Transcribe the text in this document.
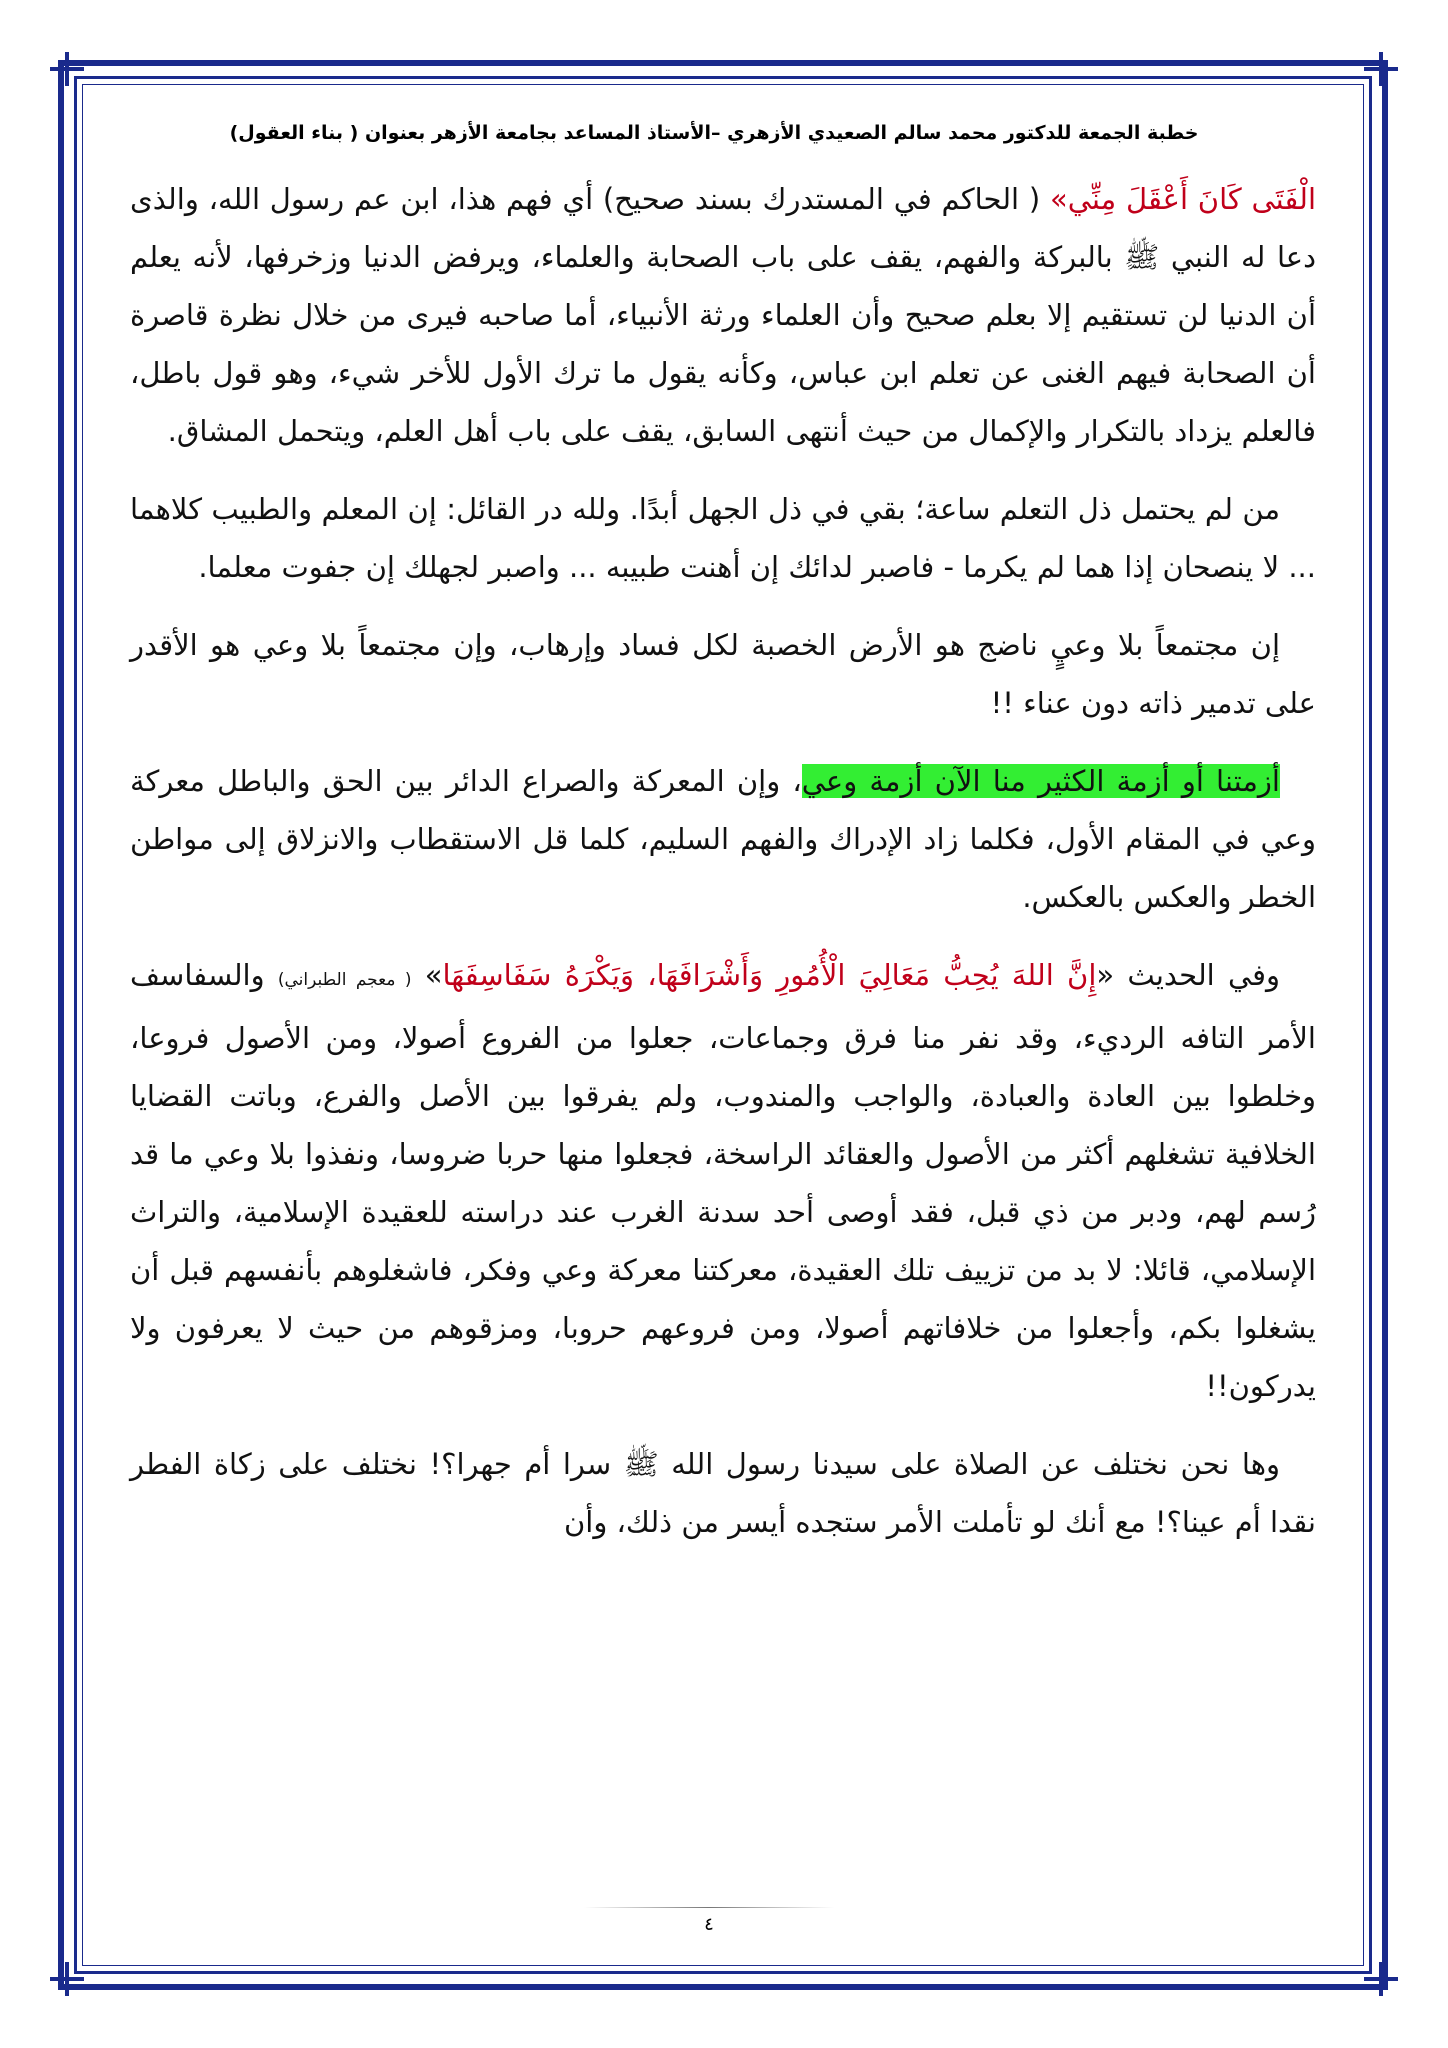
خطبة الجمعة للدكتور محمد سالم الصعيدي الأزهري –الأستاذ المساعد بجامعة الأزهر بعنوان ( بناء العقول)

الْفَتَى كَانَ أَعْقَلَ مِنِّي» ( الحاكم في المستدرك بسند صحيح) أي فهم هذا، ابن عم رسول الله، والذى دعا له النبي ﷺ بالبركة والفهم، يقف على باب الصحابة والعلماء، ويرفض الدنيا وزخرفها، لأنه يعلم أن الدنيا لن تستقيم إلا بعلم صحيح وأن العلماء ورثة الأنبياء، أما صاحبه فيرى من خلال نظرة قاصرة أن الصحابة فيهم الغنى عن تعلم ابن عباس، وكأنه يقول ما ترك الأول للأخر شيء، وهو قول باطل، فالعلم يزداد بالتكرار والإكمال من حيث أنتهى السابق، يقف على باب أهل العلم، ويتحمل المشاق.

من لم يحتمل ذل التعلم ساعة؛ بقي في ذل الجهل أبدًا. ولله در القائل: إن المعلم والطبيب كلاهما ... لا ينصحان إذا هما لم يكرما - فاصبر لدائك إن أهنت طبيبه ... واصبر لجهلك إن جفوت معلما.

إن مجتمعاً بلا وعيٍ ناضج هو الأرض الخصبة لكل فساد وإرهاب، وإن مجتمعاً بلا وعي هو الأقدر على تدمير ذاته دون عناء !!

أزمتنا أو أزمة الكثير منا الآن أزمة وعي، وإن المعركة والصراع الدائر بين الحق والباطل معركة وعي في المقام الأول، فكلما زاد الإدراك والفهم السليم، كلما قل الاستقطاب والانزلاق إلى مواطن الخطر والعكس بالعكس.

وفي الحديث «إِنَّ اللهَ يُحِبُّ مَعَالِيَ الْأُمُورِ وَأَشْرَافَهَا، وَيَكْرَهُ سَفَاسِفَهَا» ( معجم الطبراني) والسفاسف الأمر التافه الرديء، وقد نفر منا فرق وجماعات، جعلوا من الفروع أصولا، ومن الأصول فروعا، وخلطوا بين العادة والعبادة، والواجب والمندوب، ولم يفرقوا بين الأصل والفرع، وباتت القضايا الخلافية تشغلهم أكثر من الأصول والعقائد الراسخة، فجعلوا منها حربا ضروسا، ونفذوا بلا وعي ما قد رُسم لهم، ودبر من ذي قبل، فقد أوصى أحد سدنة الغرب عند دراسته للعقيدة الإسلامية، والتراث الإسلامي، قائلا: لا بد من تزييف تلك العقيدة، معركتنا معركة وعي وفكر، فاشغلوهم بأنفسهم قبل أن يشغلوا بكم، وأجعلوا من خلافاتهم أصولا، ومن فروعهم حروبا، ومزقوهم من حيث لا يعرفون ولا يدركون!!

وها نحن نختلف عن الصلاة على سيدنا رسول الله ﷺ سرا أم جهرا؟! نختلف على زكاة الفطر نقدا أم عينا؟! مع أنك لو تأملت الأمر ستجده أيسر من ذلك، وأن

٤
